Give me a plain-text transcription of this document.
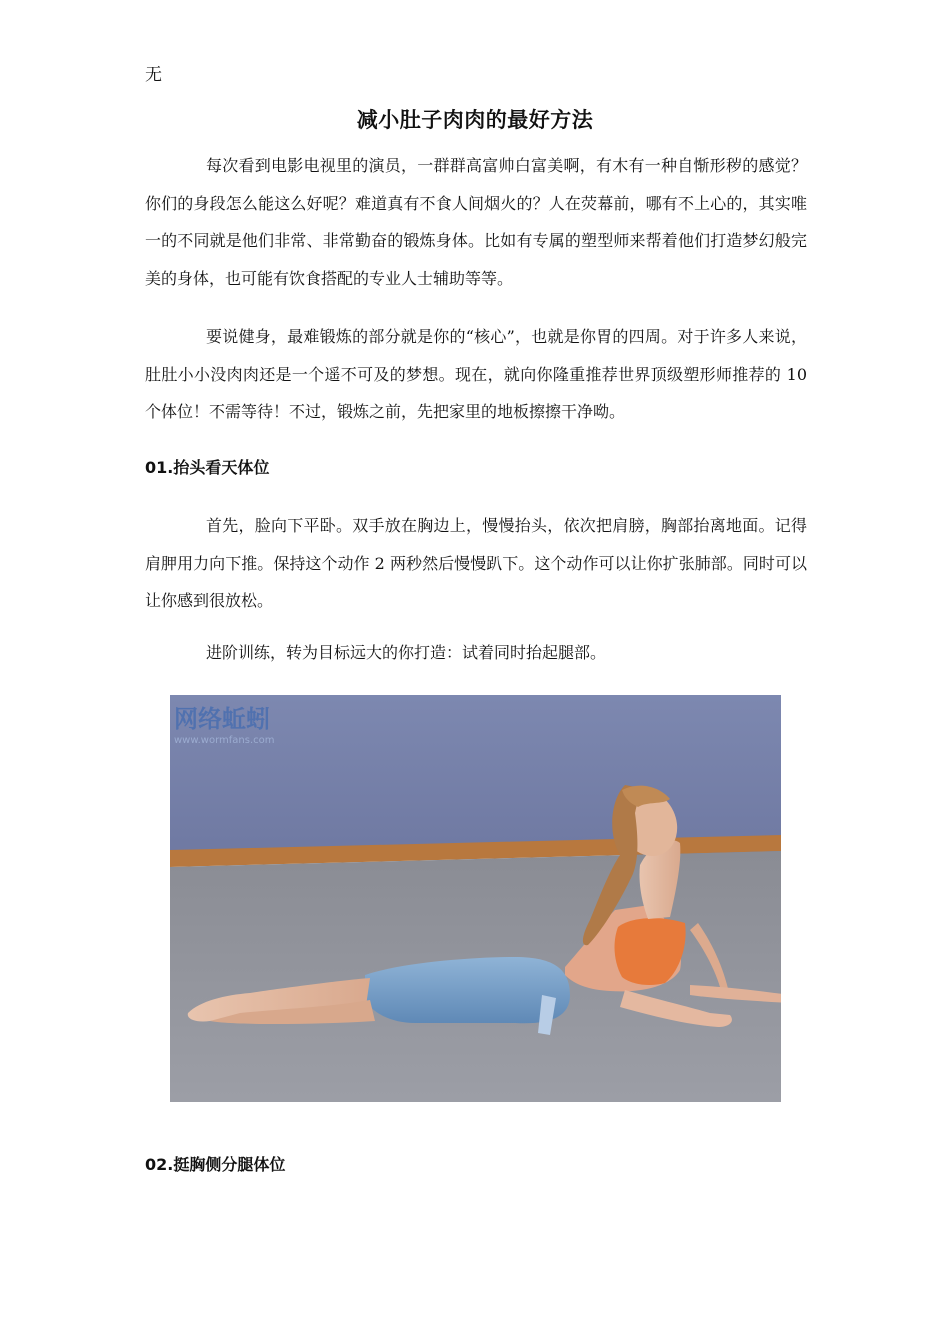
无
减小肚子肉肉的最好方法

每次看到电影电视里的演员，一群群高富帅白富美啊，有木有一种自惭形秽的感觉？你们的身段怎么能这么好呢？难道真有不食人间烟火的？人在荧幕前，哪有不上心的，其实唯一的不同就是他们非常、非常勤奋的锻炼身体。比如有专属的塑型师来帮着他们打造梦幻般完美的身体，也可能有饮食搭配的专业人士辅助等等。

要说健身，最难锻炼的部分就是你的“核心”，也就是你胃的四周。对于许多人来说，肚肚小小没肉肉还是一个遥不可及的梦想。现在，就向你隆重推荐世界顶级塑形师推荐的 10 个体位！不需等待！不过，锻炼之前，先把家里的地板擦擦干净呦。

01.抬头看天体位

首先，脸向下平卧。双手放在胸边上，慢慢抬头，依次把肩膀，胸部抬离地面。记得肩胛用力向下推。保持这个动作 2 两秒然后慢慢趴下。这个动作可以让你扩张肺部。同时可以让你感到很放松。

进阶训练，转为目标远大的你打造：试着同时抬起腿部。

网络蚯蚓
www.wormfans.com
02.挺胸侧分腿体位
